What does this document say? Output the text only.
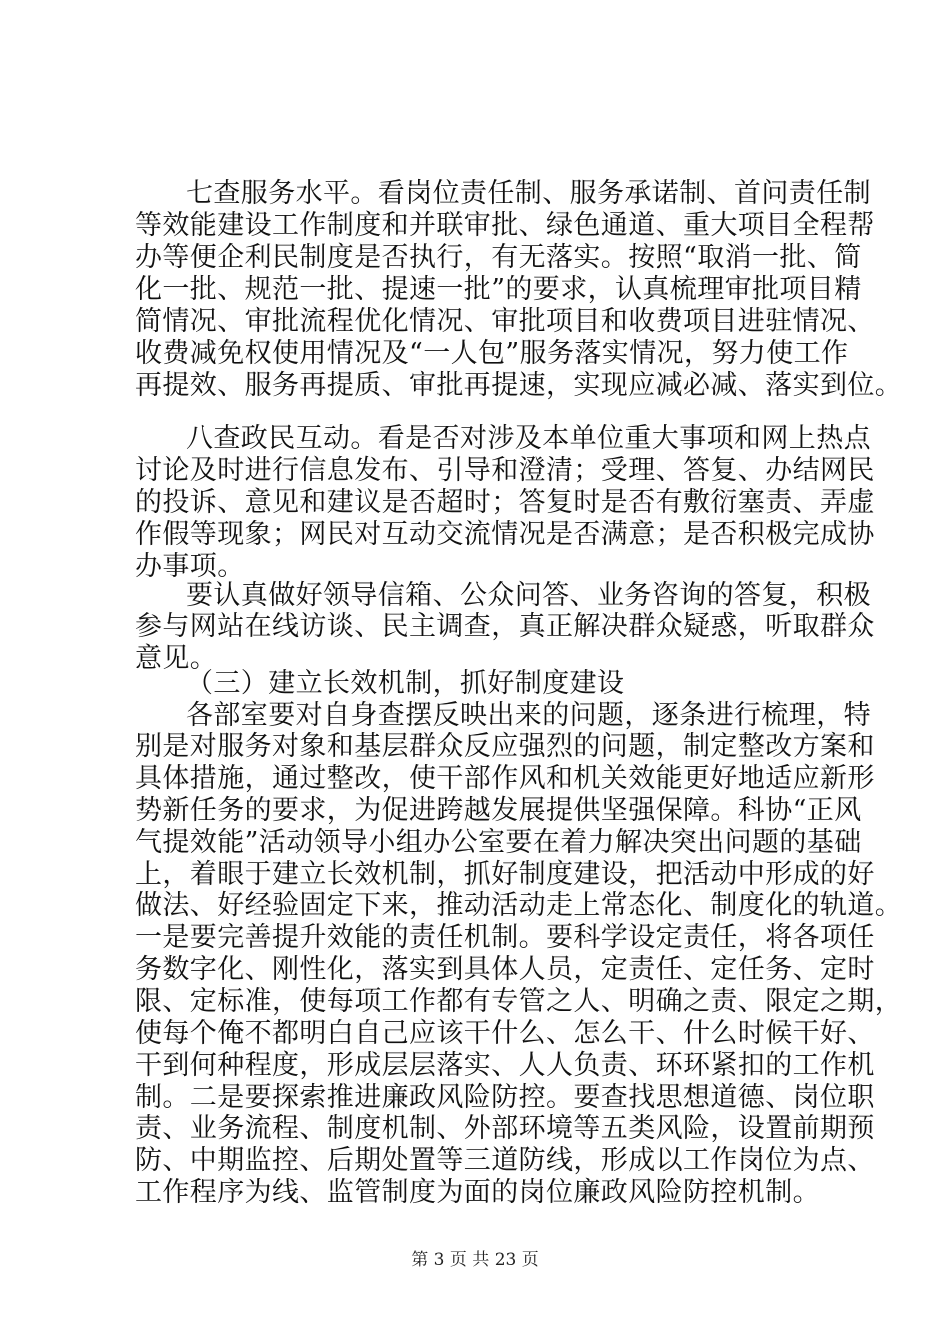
七查服务水平。看岗位责任制、服务承诺制、首问责任制
等效能建设工作制度和并联审批、绿色通道、重大项目全程帮
办等便企利民制度是否执行，有无落实。按照“取消一批、简
化一批、规范一批、提速一批”的要求，认真梳理审批项目精
简情况、审批流程优化情况、审批项目和收费项目进驻情况、
收费减免权使用情况及“一人包”服务落实情况，努力使工作
再提效、服务再提质、审批再提速，实现应减必减、落实到位。
八查政民互动。看是否对涉及本单位重大事项和网上热点
讨论及时进行信息发布、引导和澄清；受理、答复、办结网民
的投诉、意见和建议是否超时；答复时是否有敷衍塞责、弄虚
作假等现象；网民对互动交流情况是否满意；是否积极完成协
办事项。
要认真做好领导信箱、公众问答、业务咨询的答复，积极
参与网站在线访谈、民主调查，真正解决群众疑惑，听取群众
意见。
（三）建立长效机制，抓好制度建设
各部室要对自身查摆反映出来的问题，逐条进行梳理，特
别是对服务对象和基层群众反应强烈的问题，制定整改方案和
具体措施，通过整改，使干部作风和机关效能更好地适应新形
势新任务的要求，为促进跨越发展提供坚强保障。科协“正风
气提效能”活动领导小组办公室要在着力解决突出问题的基础
上，着眼于建立长效机制，抓好制度建设，把活动中形成的好
做法、好经验固定下来，推动活动走上常态化、制度化的轨道。
一是要完善提升效能的责任机制。要科学设定责任，将各项任
务数字化、刚性化，落实到具体人员，定责任、定任务、定时
限、定标准，使每项工作都有专管之人、明确之责、限定之期，
使每个俺不都明白自己应该干什么、怎么干、什么时候干好、
干到何种程度，形成层层落实、人人负责、环环紧扣的工作机
制。二是要探索推进廉政风险防控。要查找思想道德、岗位职
责、业务流程、制度机制、外部环境等五类风险，设置前期预
防、中期监控、后期处置等三道防线，形成以工作岗位为点、
工作程序为线、监管制度为面的岗位廉政风险防控机制。
第 3 页 共 23 页
